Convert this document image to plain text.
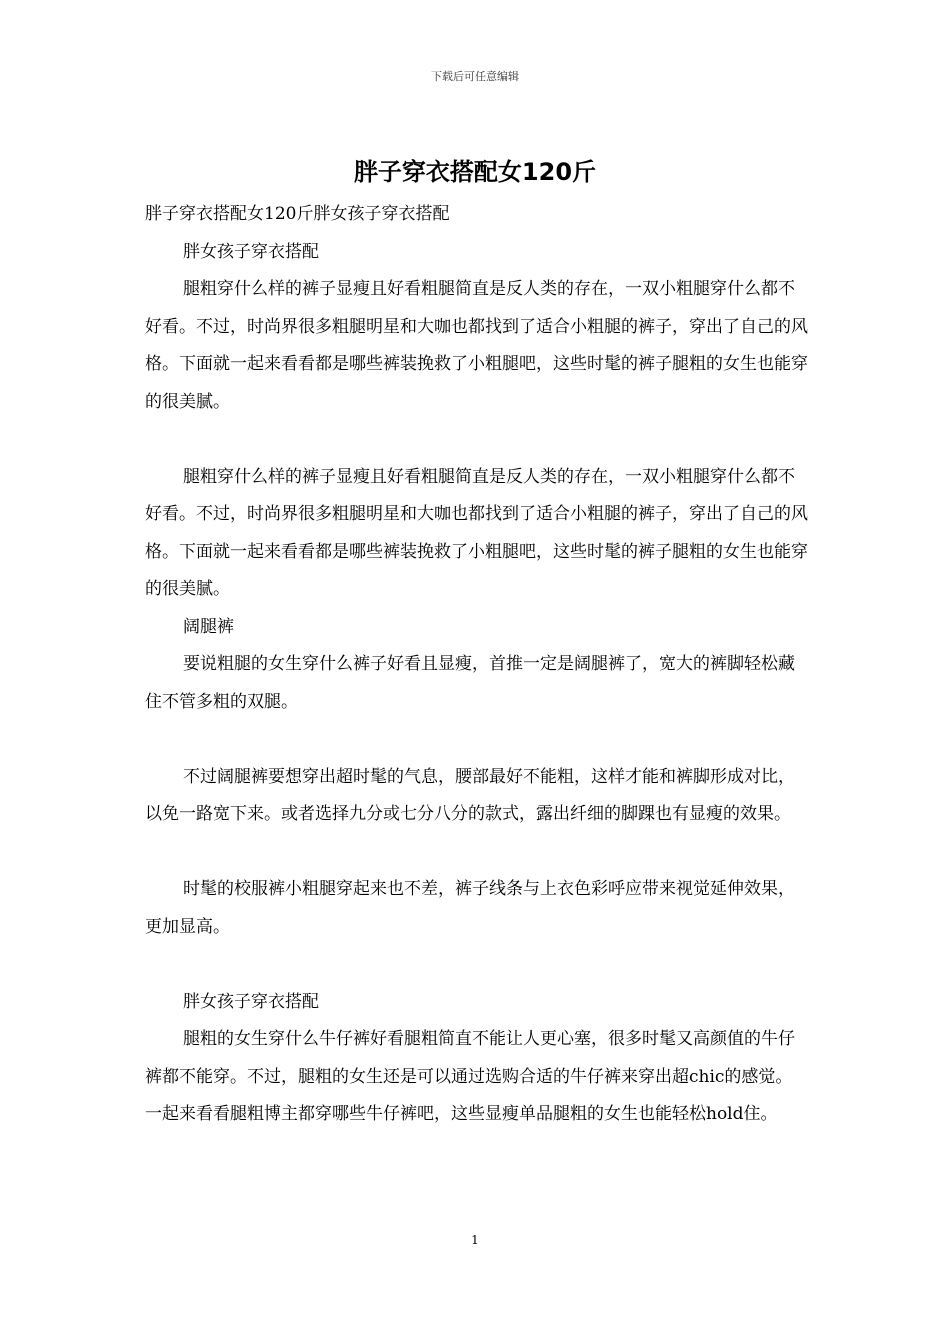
下载后可任意编辑
胖子穿衣搭配女120斤

胖子穿衣搭配女120斤胖女孩子穿衣搭配

胖女孩子穿衣搭配

腿粗穿什么样的裤子显瘦且好看粗腿简直是反人类的存在，一双小粗腿穿什么都不好看。不过，时尚界很多粗腿明星和大咖也都找到了适合小粗腿的裤子，穿出了自己的风格。下面就一起来看看都是哪些裤装挽救了小粗腿吧，这些时髦的裤子腿粗的女生也能穿的很美腻。

腿粗穿什么样的裤子显瘦且好看粗腿简直是反人类的存在，一双小粗腿穿什么都不好看。不过，时尚界很多粗腿明星和大咖也都找到了适合小粗腿的裤子，穿出了自己的风格。下面就一起来看看都是哪些裤装挽救了小粗腿吧，这些时髦的裤子腿粗的女生也能穿的很美腻。

阔腿裤

要说粗腿的女生穿什么裤子好看且显瘦，首推一定是阔腿裤了，宽大的裤脚轻松藏住不管多粗的双腿。

不过阔腿裤要想穿出超时髦的气息，腰部最好不能粗，这样才能和裤脚形成对比，以免一路宽下来。或者选择九分或七分八分的款式，露出纤细的脚踝也有显瘦的效果。

时髦的校服裤小粗腿穿起来也不差，裤子线条与上衣色彩呼应带来视觉延伸效果，更加显高。

胖女孩子穿衣搭配

腿粗的女生穿什么牛仔裤好看腿粗简直不能让人更心塞，很多时髦又高颜值的牛仔裤都不能穿。不过，腿粗的女生还是可以通过选购合适的牛仔裤来穿出超chic的感觉。一起来看看腿粗博主都穿哪些牛仔裤吧，这些显瘦单品腿粗的女生也能轻松hold住。

1
